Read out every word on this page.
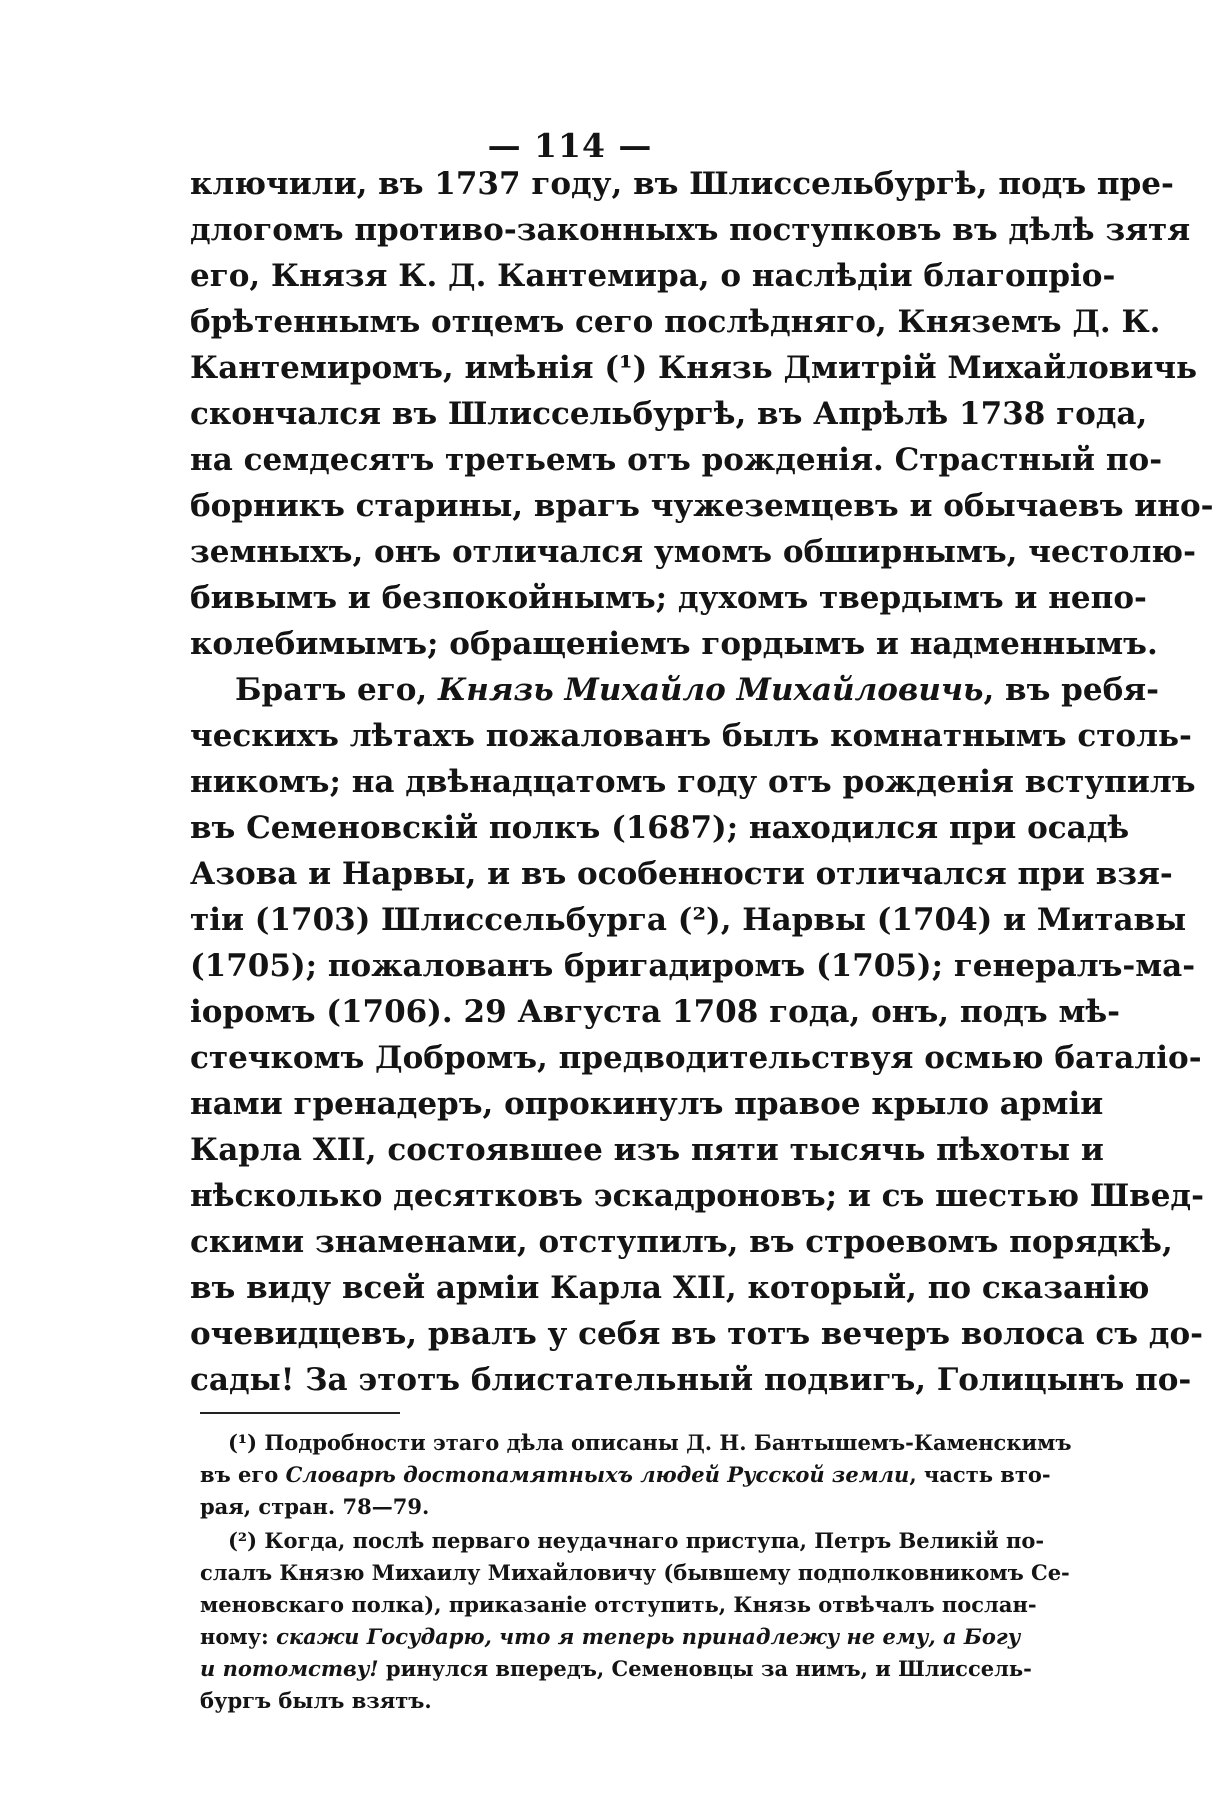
— 114 —
ключили, въ 1737 году, въ Шлиссельбургѣ, подъ пре-
длогомъ противо-законныхъ поступковъ въ дѣлѣ зятя
его, Князя К. Д. Кантемира, о наслѣдіи благопріо-
брѣтеннымъ отцемъ сего послѣдняго, Княземъ Д. К.
Кантемиромъ, имѣнія (¹) Князь Дмитрій Михайловичь
скончался въ Шлиссельбургѣ, въ Апрѣлѣ 1738 года,
на семдесятъ третьемъ отъ рожденія. Страстный по-
борникъ старины, врагъ чужеземцевъ и обычаевъ ино-
земныхъ, онъ отличался умомъ обширнымъ, честолю-
бивымъ и безпокойнымъ; духомъ твердымъ и непо-
колебимымъ; обращеніемъ гордымъ и надменнымъ.
Братъ его, Князь Михайло Михайловичь, въ ребя-
ческихъ лѣтахъ пожалованъ былъ комнатнымъ столь-
никомъ; на двѣнадцатомъ году отъ рожденія вступилъ
въ Семеновскій полкъ (1687); находился при осадѣ
Азова и Нарвы, и въ особенности отличался при взя-
тіи (1703) Шлиссельбурга (²), Нарвы (1704) и Митавы
(1705); пожалованъ бригадиромъ (1705); генералъ-ма-
іоромъ (1706). 29 Августа 1708 года, онъ, подъ мѣ-
стечкомъ Добромъ, предводительствуя осмью баталіо-
нами гренадеръ, опрокинулъ правое крыло арміи
Карла XII, состоявшее изъ пяти тысячь пѣхоты и
нѣсколько десятковъ эскадроновъ; и съ шестью Швед-
скими знаменами, отступилъ, въ строевомъ порядкѣ,
въ виду всей арміи Карла XII, который, по сказанію
очевидцевъ, рвалъ у себя въ тотъ вечеръ волоса съ до-
сады! За этотъ блистательный подвигъ, Голицынъ по-
(¹) Подробности этаго дѣла описаны Д. Н. Бантышемъ-Каменскимъ
въ его Словарѣ достопамятныхъ людей Русской земли, часть вто-
рая, стран. 78—79.
(²) Когда, послѣ перваго неудачнаго приступа, Петръ Великій по-
слалъ Князю Михаилу Михайловичу (бывшему подполковникомъ Се-
меновскаго полка), приказаніе отступить, Князь отвѣчалъ послан-
ному: скажи Государю, что я теперь принадлежу не ему, а Богу
и потомству! ринулся впередъ, Семеновцы за нимъ, и Шлиссель-
бургъ былъ взятъ.
